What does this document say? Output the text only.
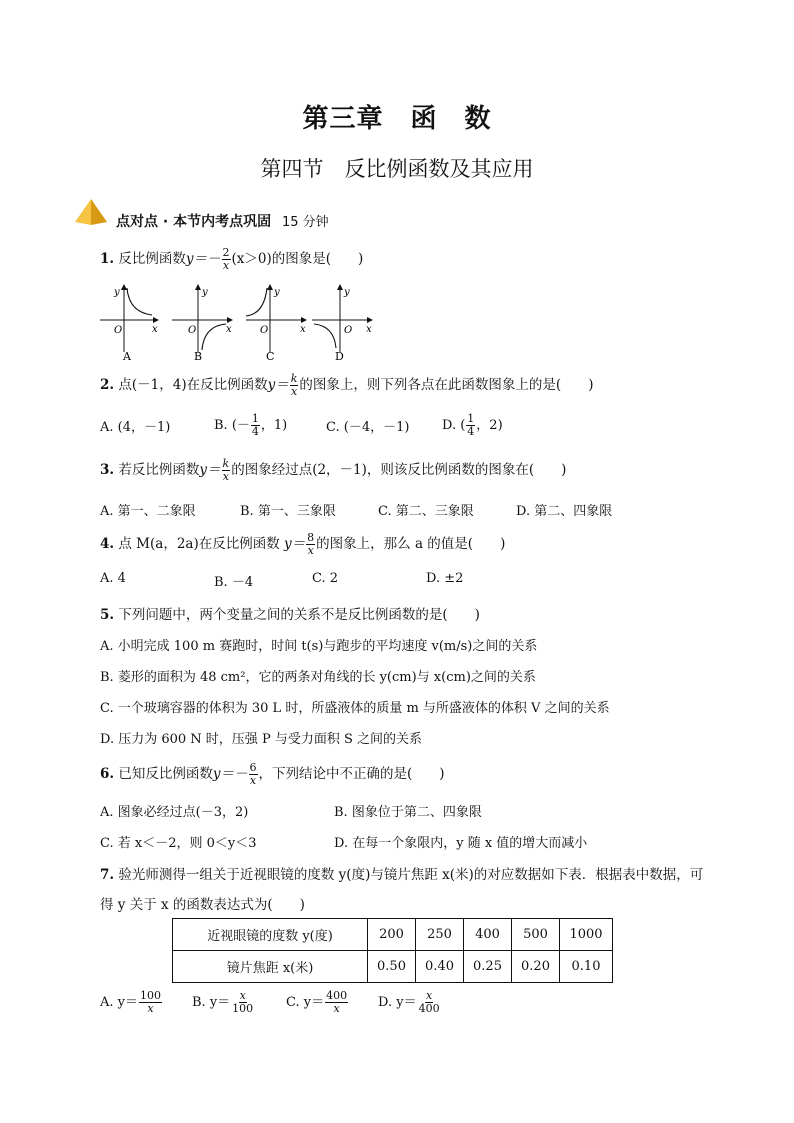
第三章　函　数
第四节　反比例函数及其应用
点对点 · 本节内考点巩固 15 分钟
1. 反比例函数$y=- \frac{2}{x} (x>0)$的图象是(　　)
y
x
O
A
y
x
O
B
y
x
O
C
y
x
O
D
2. 点(－1，4)在反比例函数$y= \frac{k}{x}$ 的图象上，则下列各点在此函数图象上的是(　　)
A. (4，－1)	B. (－ $\frac{1}{4}$ ，1)	C. (－4，－1)	D. ( $\frac{1}{4}$ ，2)
3. 若反比例函数$y= \frac{k}{x}$ 的图象经过点(2，－1)，则该反比例函数的图象在(　　)
A. 第一、二象限	B. 第一、三象限	C. 第二、三象限	D. 第二、四象限
4. 点 M(a，2a)在反比例函数 $y= \frac{8}{x}$ 的图象上，那么 a 的值是(　　)
A. 4	B. －4	C. 2	D. ±2
5. 下列问题中，两个变量之间的关系不是反比例函数的是(　　)
A. 小明完成 100 m 赛跑时，时间 t(s)与跑步的平均速度 v(m/s)之间的关系
B. 菱形的面积为 48 cm²，它的两条对角线的长 y(cm)与 x(cm)之间的关系
C. 一个玻璃容器的体积为 30 L 时，所盛液体的质量 m 与所盛液体的体积 V 之间的关系
D. 压力为 600 N 时，压强 P 与受力面积 S 之间的关系
6. 已知反比例函数$y=- \frac{6}{x}$ ，下列结论中不正确的是(　　)
A. 图象必经过点(－3，2)	B. 图象位于第二、四象限
C. 若 x＜－2，则 0＜y＜3	D. 在每一个象限内，y 随 x 值的增大而减小
7. 验光师测得一组关于近视眼镜的度数 y(度)与镜片焦距 x(米)的对应数据如下表．根据表中数据，可
得 y 关于 x 的函数表达式为(　　)
近视眼镜的度数 y(度)	200	250	400	500	1000
镜片焦距 x(米)	0.50	0.40	0.25	0.20	0.10
A. $y= \frac{100}{x} B$. $y= \frac{x}{100} C$. $y= \frac{400}{x} D$. $y= \frac{x}{400}$
